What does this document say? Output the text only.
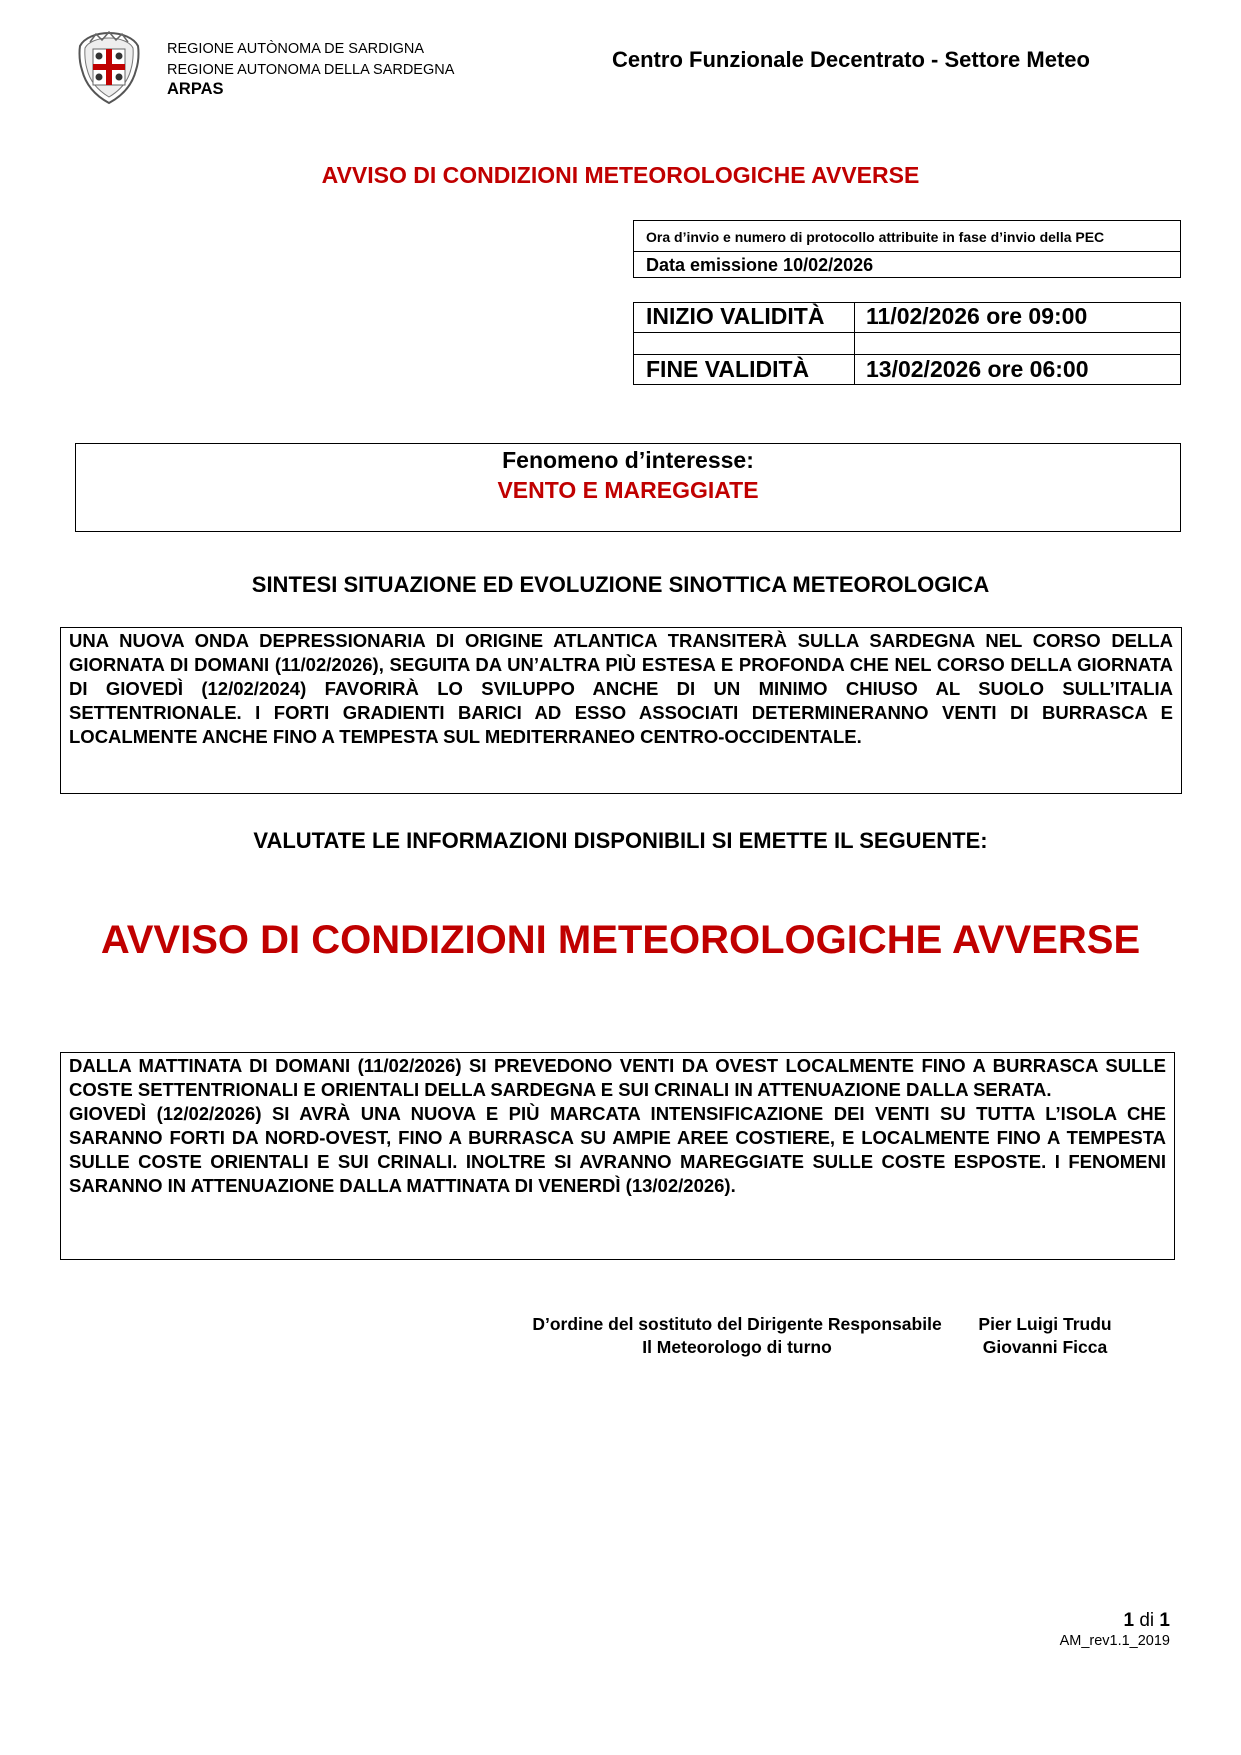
REGIONE AUTÒNOMA DE SARDIGNA
REGIONE AUTONOMA DELLA SARDEGNA
ARPAS
Centro Funzionale Decentrato - Settore Meteo
AVVISO DI CONDIZIONI METEOROLOGICHE AVVERSE
Ora d’invio e numero di protocollo attribuite in fase d’invio della PEC
Data emissione 10/02/2026
INIZIO VALIDITÀ 11/02/2026 ore 09:00
FINE VALIDITÀ 13/02/2026 ore 06:00
Fenomeno d’interesse:
VENTO E MAREGGIATE
SINTESI SITUAZIONE ED EVOLUZIONE SINOTTICA METEOROLOGICA
UNA NUOVA ONDA DEPRESSIONARIA DI ORIGINE ATLANTICA TRANSITERÀ SULLA SARDEGNA NEL CORSO DELLA GIORNATA DI DOMANI (11/02/2026), SEGUITA DA UN’ALTRA PIÙ ESTESA E PROFONDA CHE NEL CORSO DELLA GIORNATA DI GIOVEDÌ (12/02/2024) FAVORIRÀ LO SVILUPPO ANCHE DI UN MINIMO CHIUSO AL SUOLO SULL’ITALIA SETTENTRIONALE. I FORTI GRADIENTI BARICI AD ESSO ASSOCIATI DETERMINERANNO VENTI DI BURRASCA E LOCALMENTE ANCHE FINO A TEMPESTA SUL MEDITERRANEO CENTRO-OCCIDENTALE.
VALUTATE LE INFORMAZIONI DISPONIBILI SI EMETTE IL SEGUENTE:
AVVISO DI CONDIZIONI METEOROLOGICHE AVVERSE

DALLA MATTINATA DI DOMANI (11/02/2026) SI PREVEDONO VENTI DA OVEST LOCALMENTE FINO A BURRASCA SULLE COSTE SETTENTRIONALI E ORIENTALI DELLA SARDEGNA E SUI CRINALI IN ATTENUAZIONE DALLA SERATA.

GIOVEDÌ (12/02/2026) SI AVRÀ UNA NUOVA E PIÙ MARCATA INTENSIFICAZIONE DEI VENTI SU TUTTA L’ISOLA CHE SARANNO FORTI DA NORD-OVEST, FINO A BURRASCA SU AMPIE AREE COSTIERE, E LOCALMENTE FINO A TEMPESTA SULLE COSTE ORIENTALI E SUI CRINALI. INOLTRE SI AVRANNO MAREGGIATE SULLE COSTE ESPOSTE. I FENOMENI SARANNO IN ATTENUAZIONE DALLA MATTINATA DI VENERDÌ (13/02/2026).

D’ordine del sostituto del Dirigente Responsabile
Il Meteorologo di turno
Pier Luigi Trudu
Giovanni Ficca
1 di 1
AM_rev1.1_2019
